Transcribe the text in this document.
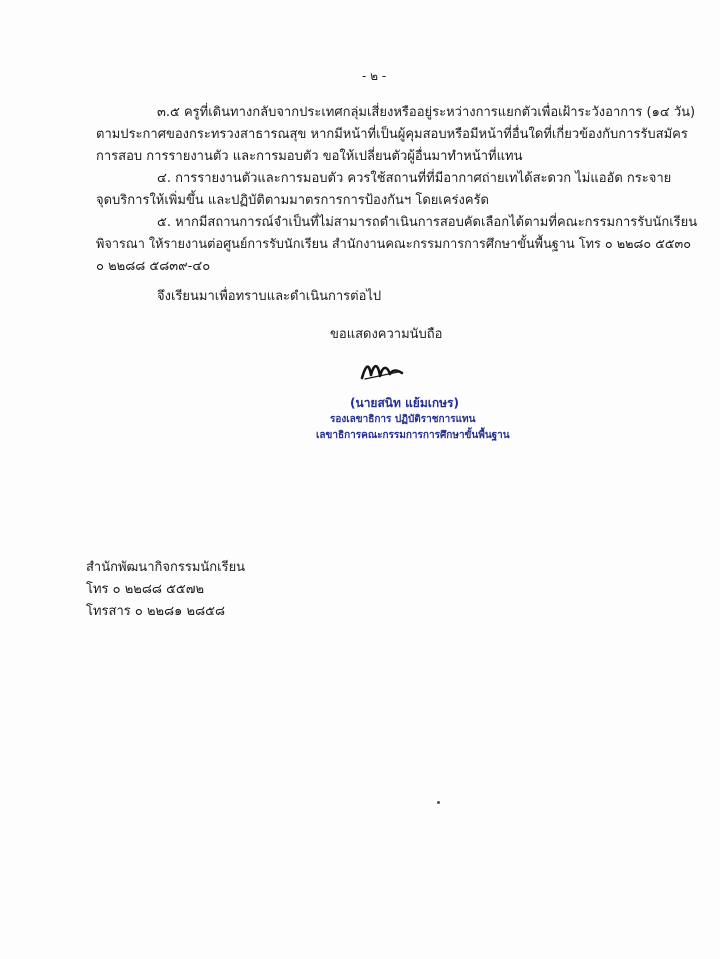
- ๒ -
๓.๕ ครูที่เดินทางกลับจากประเทศกลุ่มเสี่ยงหรืออยู่ระหว่างการแยกตัวเพื่อเฝ้าระวังอาการ (๑๔ วัน)
ตามประกาศของกระทรวงสาธารณสุข หากมีหน้าที่เป็นผู้คุมสอบหรือมีหน้าที่อื่นใดที่เกี่ยวข้องกับการรับสมัคร
การสอบ การรายงานตัว และการมอบตัว ขอให้เปลี่ยนตัวผู้อื่นมาทำหน้าที่แทน
๔. การรายงานตัวและการมอบตัว ควรใช้สถานที่ที่มีอากาศถ่ายเทได้สะดวก ไม่แออัด กระจาย
จุดบริการให้เพิ่มขึ้น และปฏิบัติตามมาตรการการป้องกันฯ โดยเคร่งครัด
๕. หากมีสถานการณ์จำเป็นที่ไม่สามารถดำเนินการสอบคัดเลือกได้ตามที่คณะกรรมการรับนักเรียน
พิจารณา ให้รายงานต่อศูนย์การรับนักเรียน สำนักงานคณะกรรมการการศึกษาขั้นพื้นฐาน โทร ๐ ๒๒๘๐ ๕๕๓๐
๐ ๒๒๘๘ ๕๘๓๙-๔๐
จึงเรียนมาเพื่อทราบและดำเนินการต่อไป
ขอแสดงความนับถือ
(นายสนิท แย้มเกษร)
รองเลขาธิการ ปฏิบัติราชการแทน
เลขาธิการคณะกรรมการการศึกษาขั้นพื้นฐาน
สำนักพัฒนากิจกรรมนักเรียน
โทร ๐ ๒๒๘๘ ๕๕๗๒
โทรสาร ๐ ๒๒๘๑ ๒๘๕๘
